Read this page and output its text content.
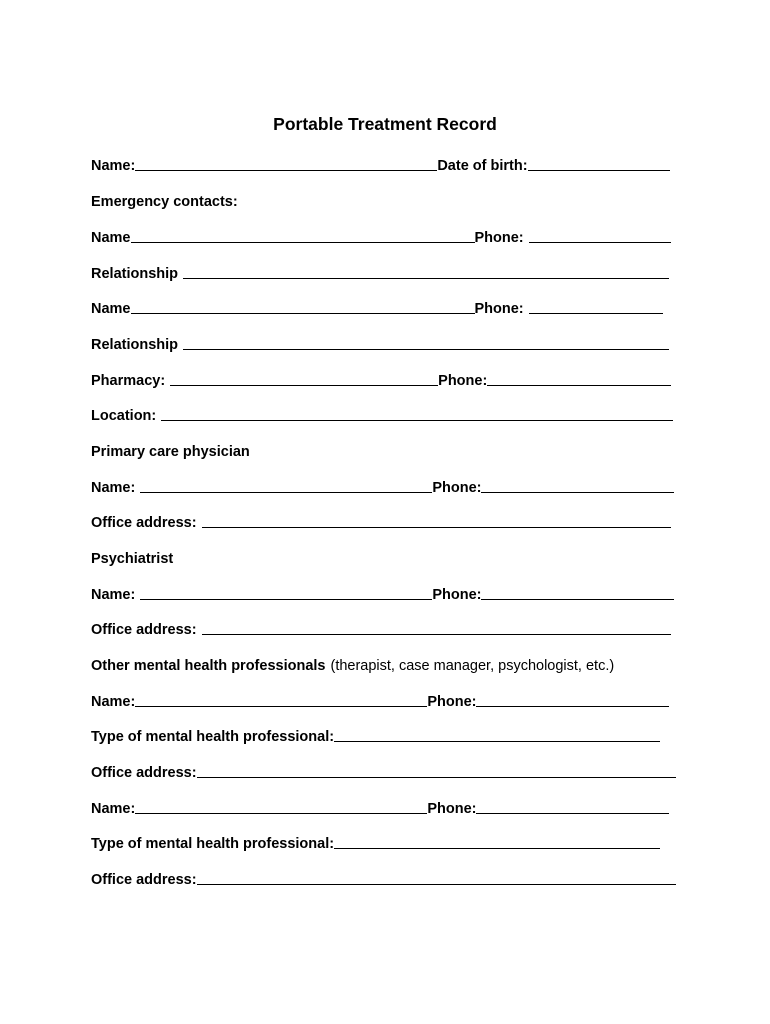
Portable Treatment Record
Name:	Date of birth:
Emergency contacts:
Name	Phone:
Relationship
Name	Phone:
Relationship
Pharmacy:	Phone:
Location:
Primary care physician
Name:	Phone:
Office address:
Psychiatrist
Name:	Phone:
Office address:
Other mental health professionals (therapist, case manager, psychologist, etc.)
Name:	Phone:
Type of mental health professional:
Office address:
Name:	Phone:
Type of mental health professional:
Office address:
